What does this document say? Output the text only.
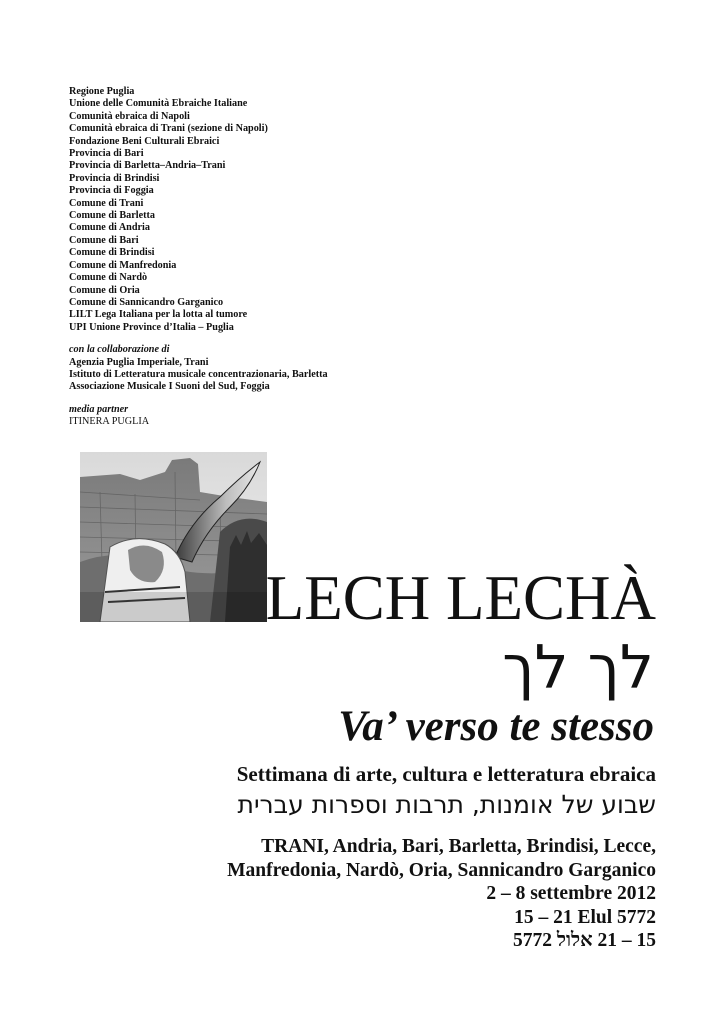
Regione Puglia
Unione delle Comunità Ebraiche Italiane
Comunità ebraica di Napoli
Comunità ebraica di Trani (sezione di Napoli)
Fondazione Beni Culturali Ebraici
Provincia di Bari
Provincia di Barletta–Andria–Trani
Provincia di Brindisi
Provincia di Foggia
Comune di Trani
Comune di Barletta
Comune di Andria
Comune di Bari
Comune di Brindisi
Comune di Manfredonia
Comune di Nardò
Comune di Oria
Comune di Sannicandro Garganico
LILT Lega Italiana per la lotta al tumore
UPI Unione Province d’Italia – Puglia
con la collaborazione di
Agenzia Puglia Imperiale, Trani
Istituto di Letteratura musicale concentrazionaria, Barletta
Associazione Musicale I Suoni del Sud, Foggia
media partner
ITINERA PUGLIA
LECH LECHÀ
לך לך
Va’ verso te stesso
Settimana di arte, cultura e letteratura ebraica
שבוע של אומנות, תרבות וספרות עברית
TRANI, Andria, Bari, Barletta, Brindisi, Lecce,
Manfredonia, Nardò, Oria, Sannicandro Garganico
2 – 8 settembre 2012
15 – 21 Elul 5772
15 – 21 אלול 5772
